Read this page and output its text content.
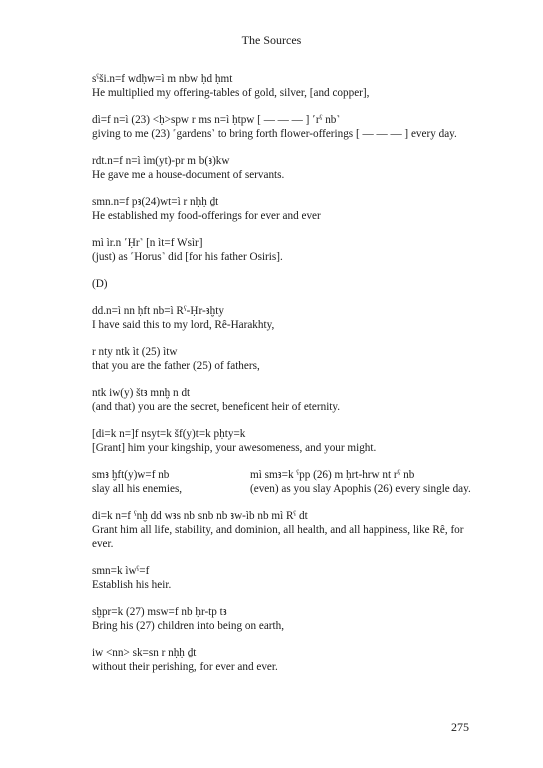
The Sources

sˁši.n=f wdḥw=ì m nbw ḥd ḥmt

He multiplied my offering-tables of gold, silver, [and copper],

dì=f n=ì (23) <ḥ>spw r ms n=ì ḥtpw [ — — — ] ˹rˁ nb˺

giving to me (23) ˹gardens˺ to bring forth flower-offerings [ — — — ] every day.

rdt.n=f n=ì ìm(yt)-pr m b(ꜣ)kw

He gave me a house-document of servants.

smn.n=f pꜣ(24)wt=ì r nḥḥ ḏt

He established my food-offerings for ever and ever

mì ìr.n ˹Ḥr˺ [n ìt=f Wsìr]

(just) as ˹Horus˺ did [for his father Osiris].

(D)

dd.n=ì nn ḥft nb=ì Rˁ-Ḥr-ꜣḫty

I have said this to my lord, Rê-Harakhty,

r nty ntk ìt (25) ìtw

that you are the father (25) of fathers,

ntk iw(y) štꜣ mnḫ n dt

(and that) you are the secret, beneficent heir of eternity.

[di=k n=]f nsyt=k šf(y)t=k pḥty=k

[Grant] him your kingship, your awesomeness, and your might.

smꜣ ḫft(y)w=f nb	mì smꜣ=k ˁpp (26) m ḥrt-hrw nt rˁ nb

slay all his enemies,	(even) as you slay Apophis (26) every single day.

di=k n=f ˁnḫ dd wꜣs nb snb nb ꜣw-ìb nb mì Rˁ dt

Grant him all life, stability, and dominion, all health, and all happiness, like Rê, for ever.

smn=k ìwˁ=f

Establish his heir.

sḫpr=k (27) msw=f nb ḥr-tp tꜣ

Bring his (27) children into being on earth,

iw <nn> sk=sn r nḥḥ ḏt

without their perishing, for ever and ever.

275
